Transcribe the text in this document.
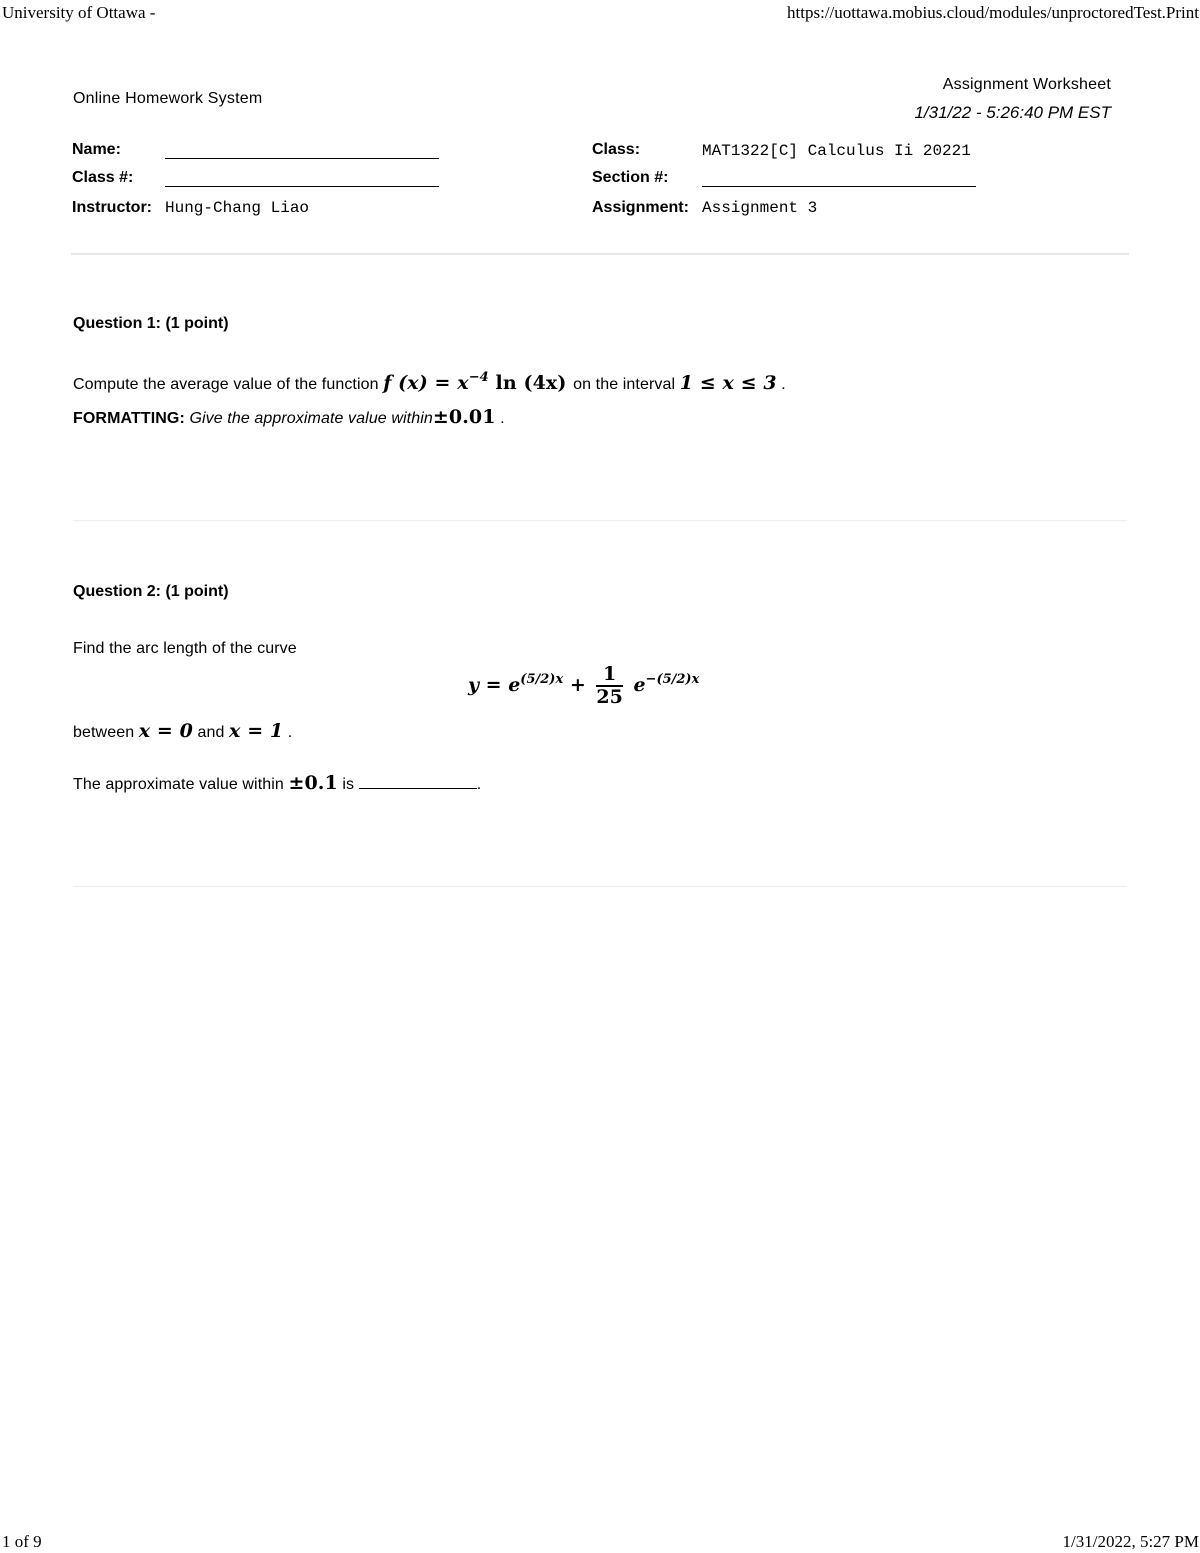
University of Ottawa -	https://uottawa.mobius.cloud/modules/unproctoredTest.Print
Online Homework System
Assignment Worksheet
1/31/22 - 5:26:40 PM EST
Name:
Class #:
Instructor: Hung-Chang Liao
Class:	MAT1322[C] Calculus Ii 20221
Section #:
Assignment: Assignment 3
Question 1: (1 point)
Compute the average value of the function f $(x) = x^{-4}$ ln (4x) on the interval 1 ≤ x ≤ 3 .
FORMATTING: Give the approximate value within±0.01 .
Question 2: (1 point)
Find the arc length of the curve
$y = e^{(5/2)x} + \frac{1}{25} e^{-(5/2)x}$
between x = 0 and x = 1 .
The approximate value within ±0.1 is	.
1 of 9	1/31/2022, 5:27 PM
